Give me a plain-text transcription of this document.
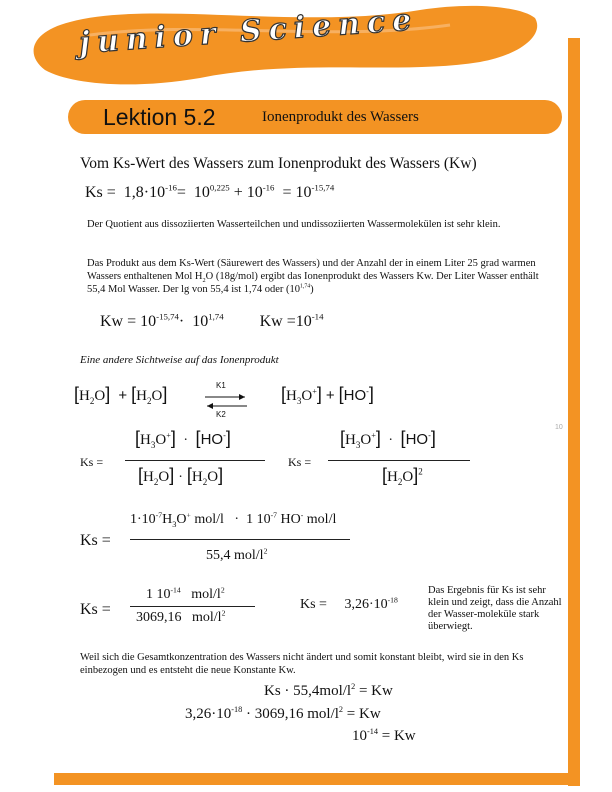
junior Science
Lektion 5.2	Ionenprodukt des Wassers
10
Vom Ks-Wert des Wassers zum Ionenprodukt des Wassers (Kw)
$Ks = 1,8\cdot 10^{-16}= 10^{0,225} + 10^{-16} = 10^{-15,74}$
Der Quotient aus dissoziierten Wasserteilchen und undissoziierten Wassermolekülen ist sehr klein.
Das Produkt aus dem Ks-Wert (Säurewert des Wassers) und der Anzahl der in einem Liter 25 grad warmen Wassers enthaltenen Mol $H_2O$ (18g/mol) ergibt das Ionenprodukt des Wassers Kw. Der Liter Wasser enthält 55,4 Mol Wasser. Der lg von 55,4 ist 1,74 oder (10$^{1,74}$)
$Kw = 10^{-15,74}\cdot 10^{1,74}$ $Kw =10^{-14}$
Eine andere Sichtweise auf das Ionenprodukt
$[H_2O] + [H_2O]$	K1
K2
$[H_3O^+] + [HO^-]$
Ks =
$[H_3O^+] \cdot [HO^-]$
$[H_2O] \cdot [H_2O]$
Ks =
$[H_3O^+] \cdot [HO^-]$
$[H_2O]^2$
Ks =
$1\cdot 10^{-7}H_3O^+$ mol/l   ·  1 $10^{-7}$ HO- mol/l
55,4 mol/$l^2$
Ks =
1 $10^{-14}$   mol/$l^2$
3069,16   mol/$l^2$
Ks =     $3,26\cdot 10^{-18}$
Das Ergebnis für Ks ist sehr klein und zeigt, dass die Anzahl der Wasser-moleküle stark überwiegt.
Weil sich die Gesamtkonzentration des Wassers nicht ändert und somit konstant bleibt, wird sie in den Ks einbezogen und es entsteht die neue Konstante Kw.
$Ks \cdot 55,4mol/l^2 = Kw$
$3,26\cdot 10^{-18} \cdot 3069,16$ mol/$l^2 = Kw$
$10^{-14} = Kw$
